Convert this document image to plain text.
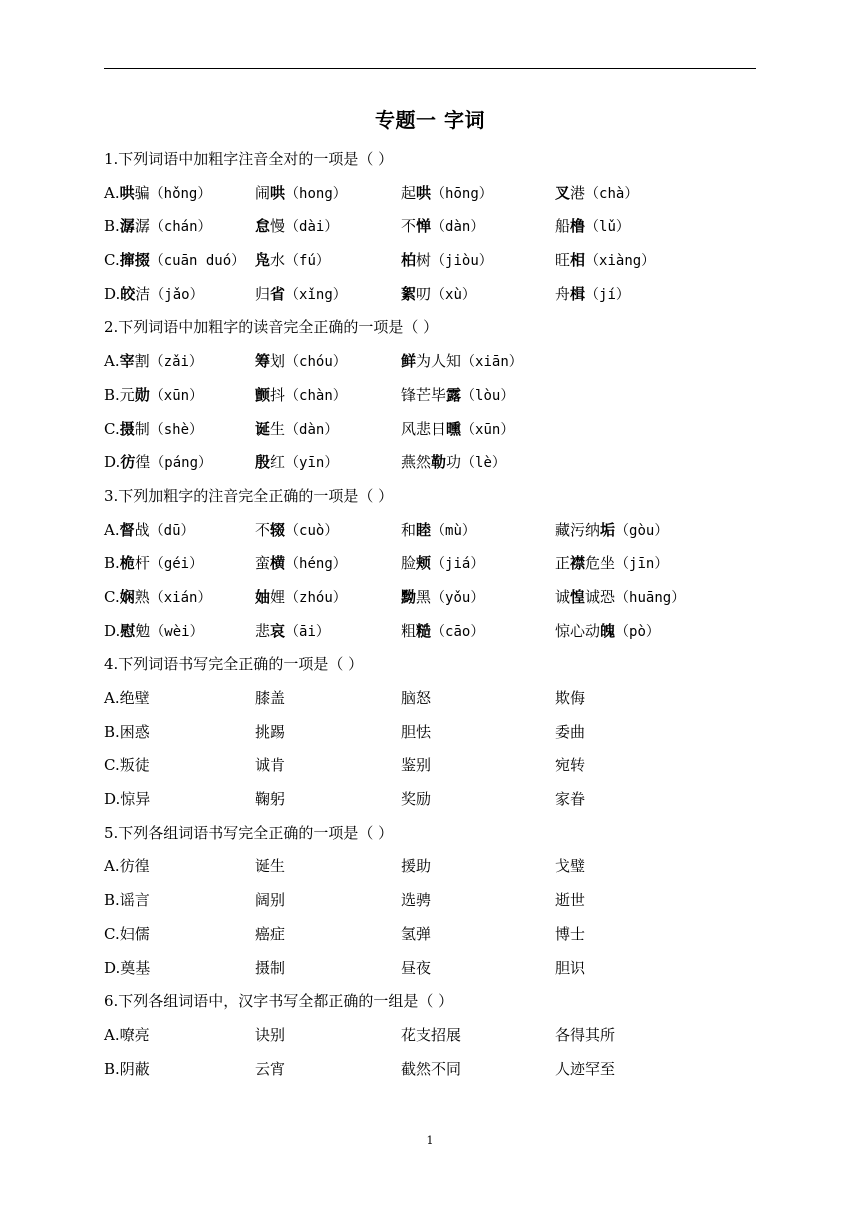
专题一 字词
1.下列词语中加粗字注音全对的一项是（ ）
A.哄骗（hǒng）	闹哄（hong）	起哄（hōng）	叉港（chà）
B.潺潺（chán）	怠慢（dài）	不惮（dàn）	船橹（lǔ）
C.撺掇（cuān duó） 凫水（fú）	柏树（jiòu）	旺相（xiàng）
D.皎洁（jǎo）	归省（xǐng）	絮叨（xù）	舟楫（jí）
2.下列词语中加粗字的读音完全正确的一项是（ ）
A.宰割（zǎi）	筹划（chóu）	鲜为人知（xiān）
B.元勋（xūn）	颤抖（chàn）	锋芒毕露（lòu）
C.摄制（shè）	诞生（dàn）	风悲日曛（xūn）
D.彷徨（páng）	殷红（yīn）	燕然勒功（lè）
3.下列加粗字的注音完全正确的一项是（ ）
A.督战（dū）	不辍（cuò）	和睦（mù）	藏污纳垢（gòu）
B.桅杆（géi）	蛮横（héng）	脸颊（jiá）	正襟危坐（jīn）
C.娴熟（xián）	妯娌（zhóu）	黝黑（yǒu）	诚惶诚恐（huāng）
D.慰勉（wèi）	悲哀（āi）	粗糙（cāo）	惊心动魄（pò）
4.下列词语书写完全正确的一项是（ ）
A.绝壁	膝盖	脑怒	欺侮
B.困惑	挑踢	胆怯	委曲
C.叛徒	诚肯	鉴别	宛转
D.惊异	鞠躬	奖励	家眷
5.下列各组词语书写完全正确的一项是（ ）
A.彷徨	诞生	援助	戈璧
B.谣言	阔别	选骋	逝世
C.妇儒	癌症	氢弹	博士
D.奠基	摄制	昼夜	胆识
6.下列各组词语中，汉字书写全都正确的一组是（ ）
A.嘹亮	诀别	花支招展	各得其所
B.阴蔽	云宵	截然不同	人迹罕至
1
